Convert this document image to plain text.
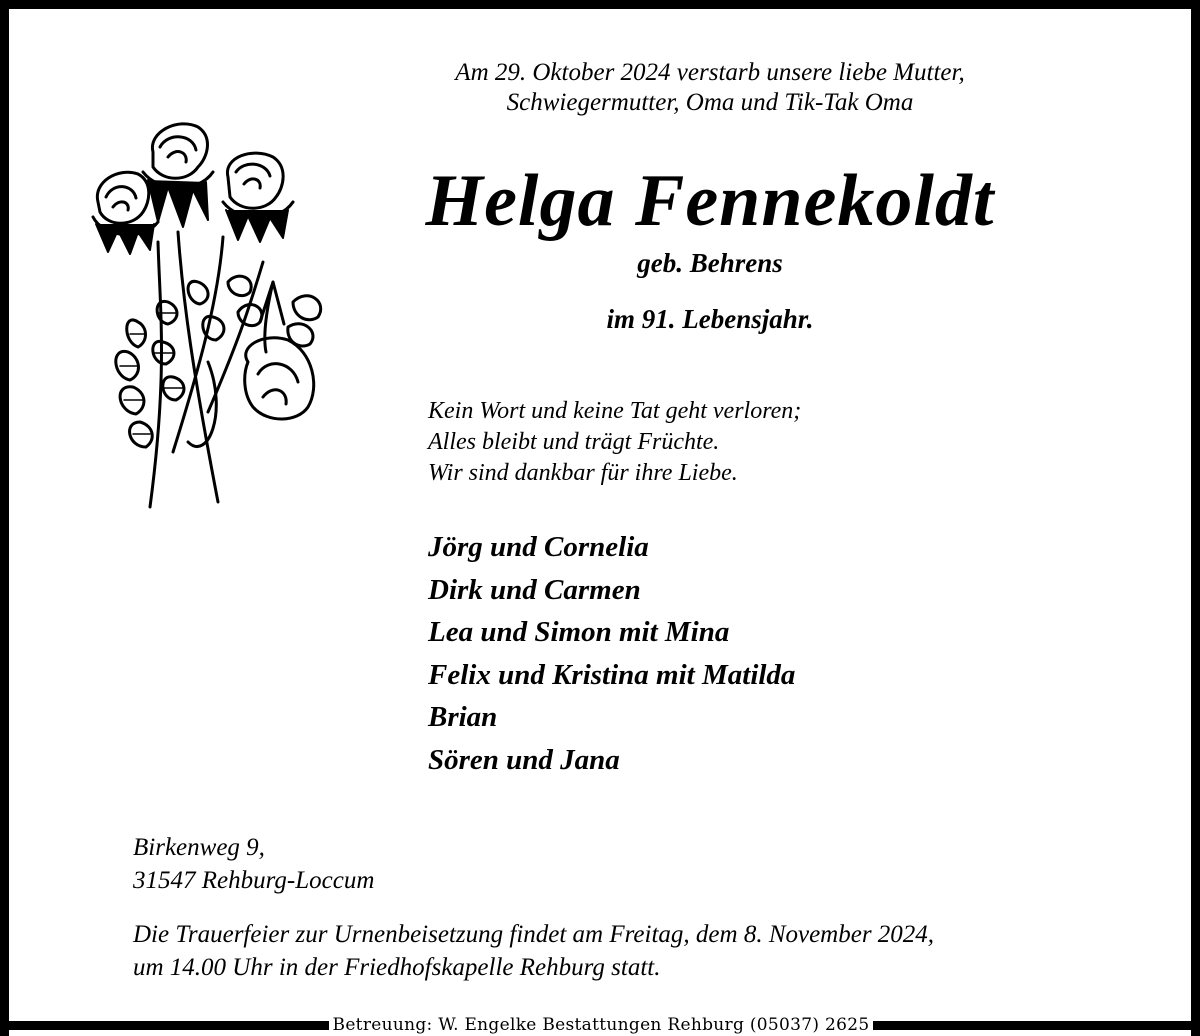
Am 29. Oktober 2024 verstarb unsere liebe Mutter,
Schwiegermutter, Oma und Tik-Tak Oma
Helga Fennekoldt
geb. Behrens
im 91. Lebensjahr.
Kein Wort und keine Tat geht verloren;
Alles bleibt und trägt Früchte.
Wir sind dankbar für ihre Liebe.
Jörg und Cornelia
Dirk und Carmen
Lea und Simon mit Mina
Felix und Kristina mit Matilda
Brian
Sören und Jana
Birkenweg 9,
31547 Rehburg-Loccum
Die Trauerfeier zur Urnenbeisetzung findet am Freitag, dem 8. November 2024,
um 14.00 Uhr in der Friedhofskapelle Rehburg statt.
Betreuung: W. Engelke Bestattungen Rehburg (05037) 2625
